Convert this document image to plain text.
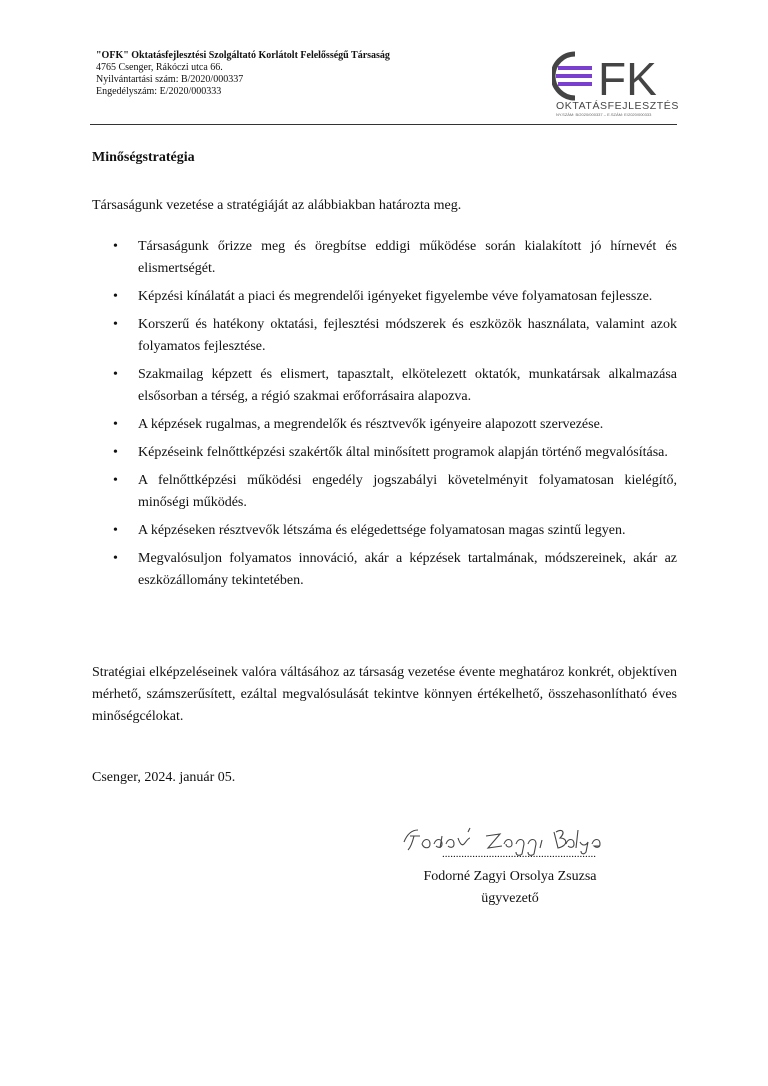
"OFK" Oktatásfejlesztési Szolgáltató Korlátolt Felelősségű Társaság
4765 Csenger, Rákóczi utca 66.
Nyilvántartási szám: B/2020/000337
Engedélyszám: E/2020/000333	FK
OKTATÁSFEJLESZTÉS
NY.SZÁM: B/2020/000337 – E.SZÁM: E/2020/000333
Minőségstratégia
Társaságunk vezetése a stratégiáját az alábbiakban határozta meg.
• Társaságunk őrizze meg és öregbítse eddigi működése során kialakított jó hírnevét és elismertségét.
• Képzési kínálatát a piaci és megrendelői igényeket figyelembe véve folyamatosan fejlessze.
• Korszerű és hatékony oktatási, fejlesztési módszerek és eszközök használata, valamint azok folyamatos fejlesztése.
• Szakmailag képzett és elismert, tapasztalt, elkötelezett oktatók, munkatársak alkalmazása elsősorban a térség, a régió szakmai erőforrásaira alapozva.
• A képzések rugalmas, a megrendelők és résztvevők igényeire alapozott szervezése.
• Képzéseink felnőttképzési szakértők által minősített programok alapján történő megvalósítása.
• A felnőttképzési működési engedély jogszabályi követelményit folyamatosan kielégítő, minőségi működés.
• A képzéseken résztvevők létszáma és elégedettsége folyamatosan magas szintű legyen.
• Megvalósuljon folyamatos innováció, akár a képzések tartalmának, módszereinek, akár az eszközállomány tekintetében.
Stratégiai elképzeléseinek valóra váltásához az társaság vezetése évente meghatároz konkrét, objektíven mérhető, számszerűsített, ezáltal megvalósulását tekintve könnyen értékelhető, összehasonlítható éves minőségcélokat.
Csenger, 2024. január 05.
........................................................
Fodorné Zagyi Orsolya Zsuzsa
ügyvezető
